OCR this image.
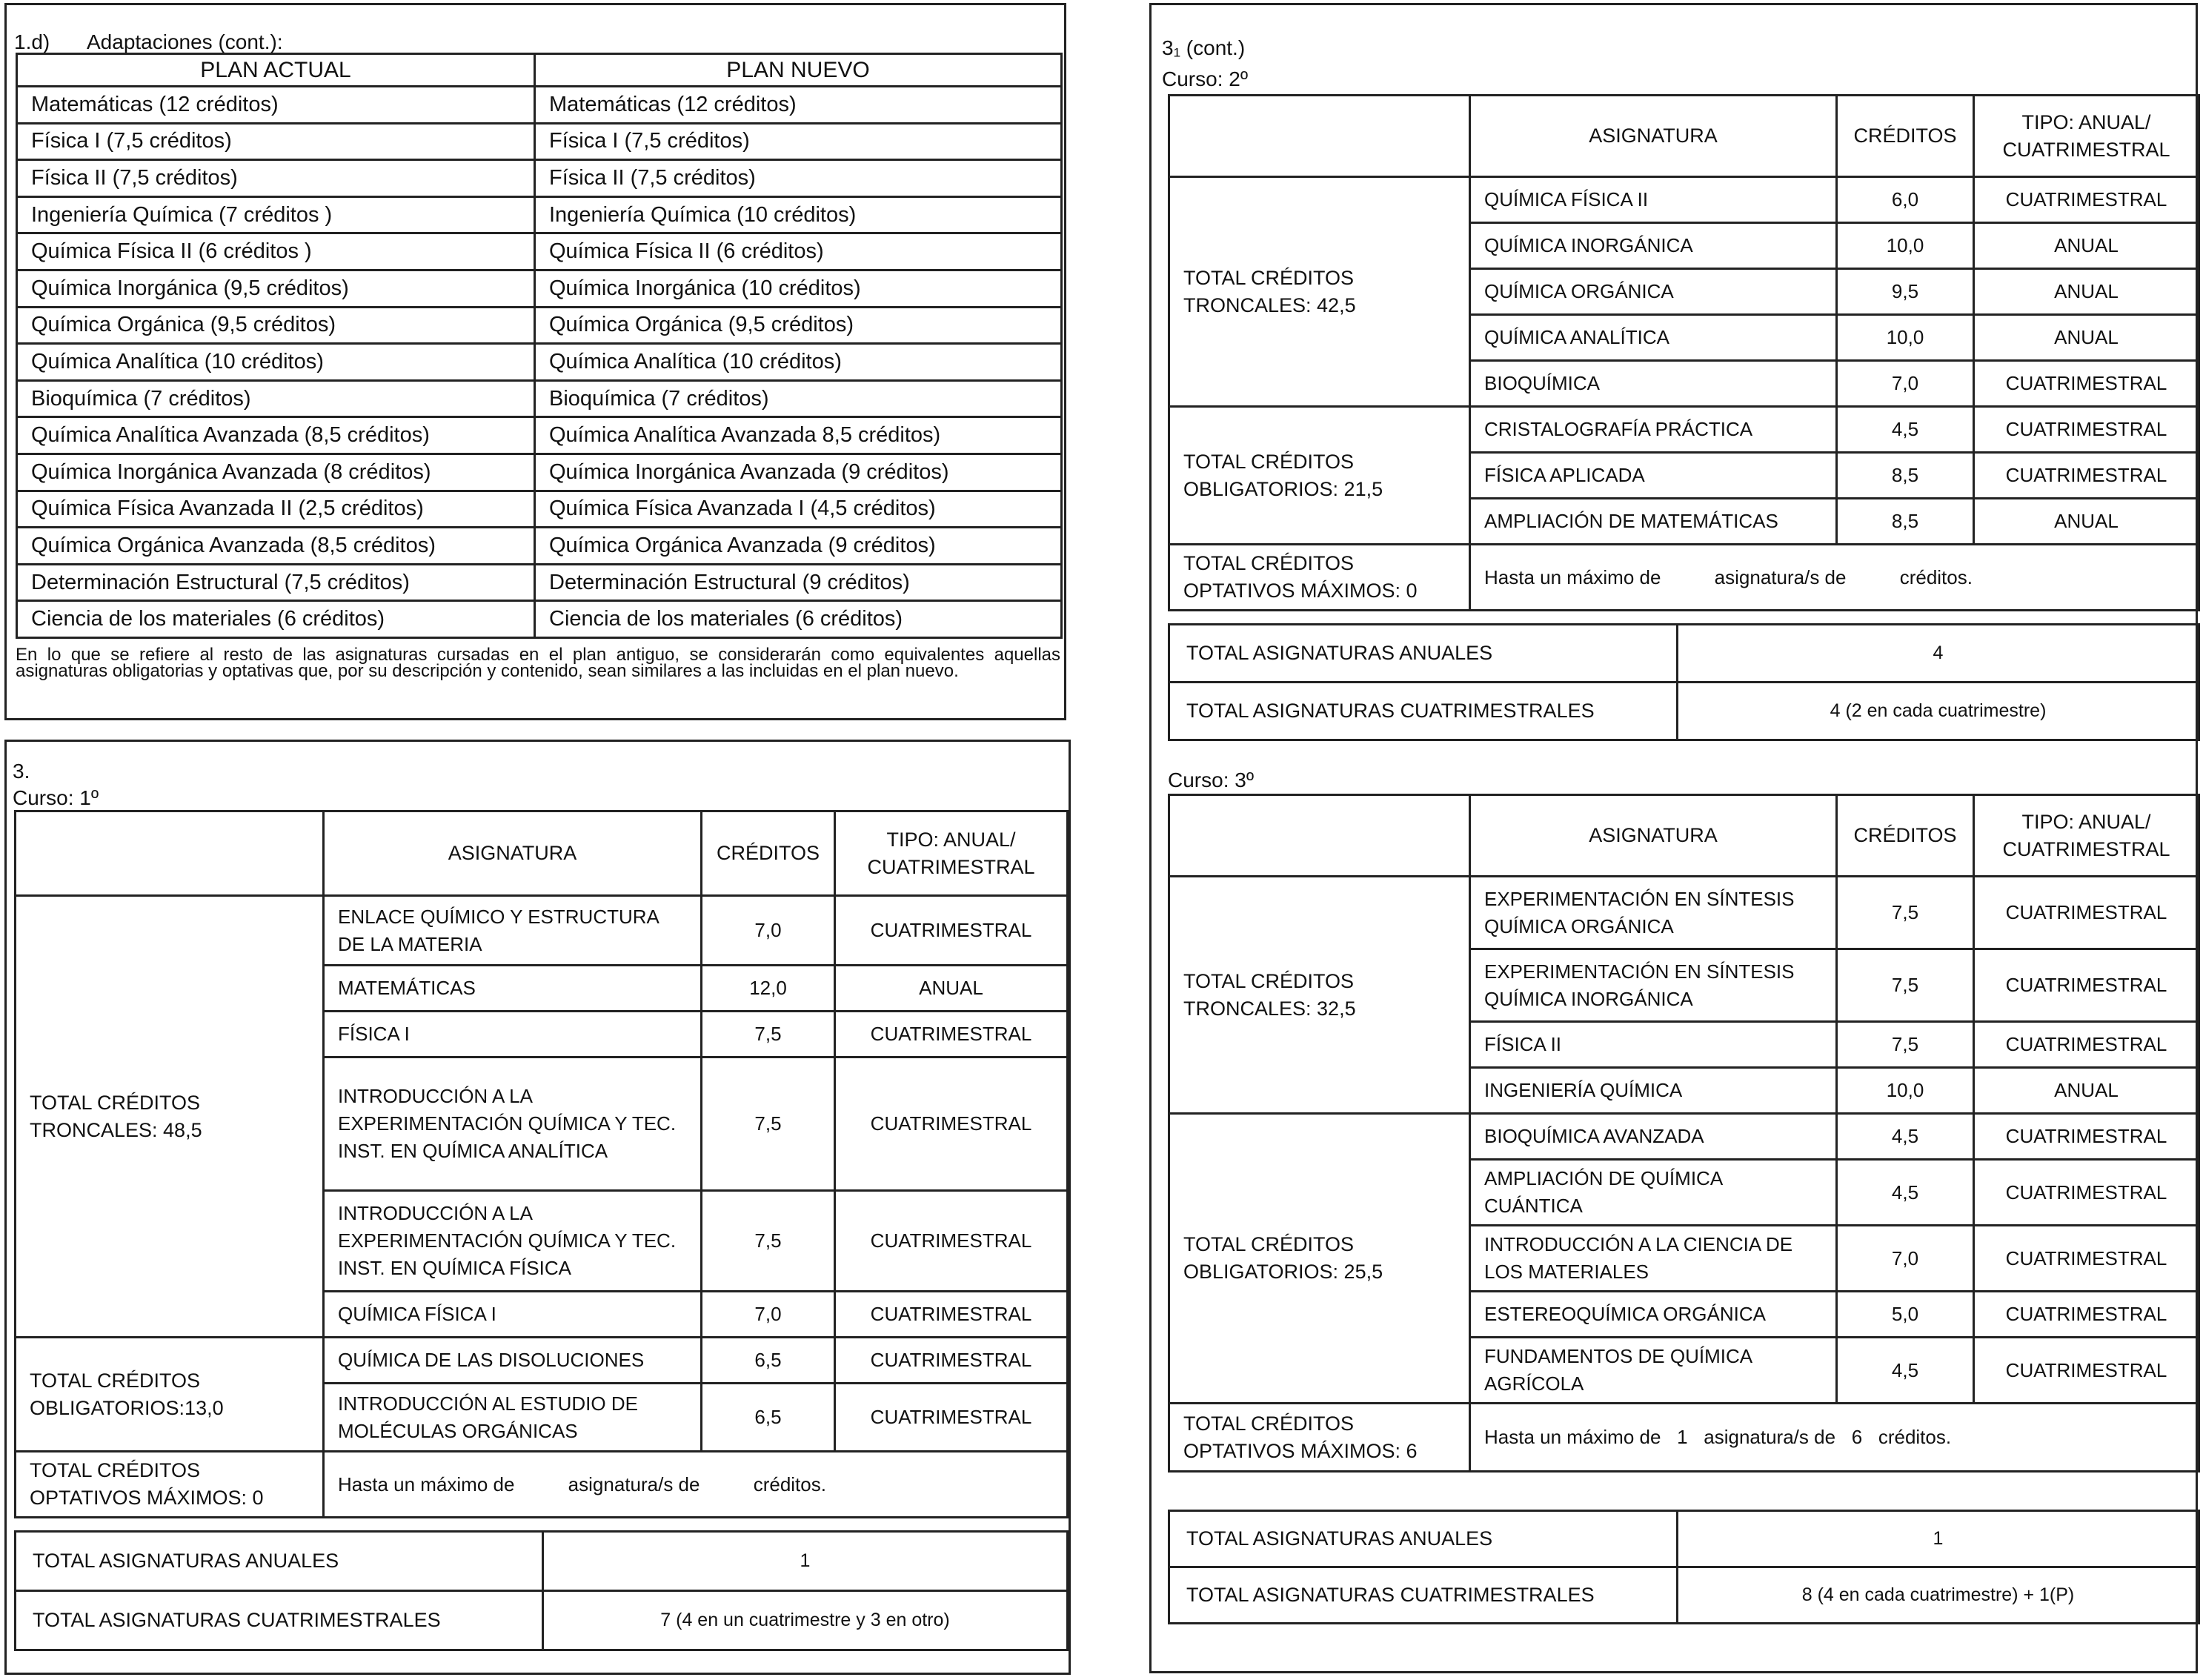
1.d) Adaptaciones (cont.):
PLAN ACTUAL	PLAN NUEVO
Matemáticas (12 créditos)	Matemáticas (12 créditos)
Física I (7,5 créditos)	Física I (7,5 créditos)
Física II (7,5 créditos)	Física II (7,5 créditos)
Ingeniería Química (7 créditos )	Ingeniería Química (10 créditos)
Química Física II (6 créditos )	Química Física II (6 créditos)
Química Inorgánica (9,5 créditos)	Química Inorgánica (10 créditos)
Química Orgánica (9,5 créditos)	Química Orgánica (9,5 créditos)
Química Analítica (10 créditos)	Química Analítica (10 créditos)
Bioquímica (7 créditos)	Bioquímica (7 créditos)
Química Analítica Avanzada (8,5 créditos)	Química Analítica Avanzada 8,5 créditos)
Química Inorgánica Avanzada (8 créditos)	Química Inorgánica Avanzada (9 créditos)
Química Física Avanzada II (2,5 créditos)	Química Física Avanzada I (4,5 créditos)
Química Orgánica Avanzada (8,5 créditos)	Química Orgánica Avanzada (9 créditos)
Determinación Estructural (7,5 créditos)	Determinación Estructural (9 créditos)
Ciencia de los materiales (6 créditos)	Ciencia de los materiales (6 créditos)
En lo que se refiere al resto de las asignaturas cursadas en el plan antiguo, se considerarán como equivalentes aquellas asignaturas obligatorias y optativas que, por su descripción y contenido, sean similares a las incluidas en el plan nuevo.
3.
Curso: 1º
	ASIGNATURA	CRÉDITOS	TIPO: ANUAL/ CUATRIMESTRAL
TOTAL CRÉDITOS TRONCALES: 48,5	ENLACE QUÍMICO Y ESTRUCTURA DE LA MATERIA	7,0	CUATRIMESTRAL
	MATEMÁTICAS	12,0	ANUAL
	FÍSICA I	7,5	CUATRIMESTRAL
	INTRODUCCIÓN A LA EXPERIMENTACIÓN QUÍMICA Y TEC. INST. EN QUÍMICA ANALÍTICA	7,5	CUATRIMESTRAL
	INTRODUCCIÓN A LA EXPERIMENTACIÓN QUÍMICA Y TEC. INST. EN QUÍMICA FÍSICA	7,5	CUATRIMESTRAL
	QUÍMICA FÍSICA I	7,0	CUATRIMESTRAL
TOTAL CRÉDITOS OBLIGATORIOS:13,0	QUÍMICA DE LAS DISOLUCIONES	6,5	CUATRIMESTRAL
	INTRODUCCIÓN AL ESTUDIO DE MOLÉCULAS ORGÁNICAS	6,5	CUATRIMESTRAL
TOTAL CRÉDITOS OPTATIVOS MÁXIMOS: 0	Hasta un máximo de          asignatura/s de          créditos.		
TOTAL ASIGNATURAS ANUALES	1
TOTAL ASIGNATURAS CUATRIMESTRALES	7 (4 en un cuatrimestre y 3 en otro)
3₁ (cont.)
Curso: 2º
	ASIGNATURA	CRÉDITOS	TIPO: ANUAL/ CUATRIMESTRAL
TOTAL CRÉDITOS TRONCALES: 42,5	QUÍMICA FÍSICA II	6,0	CUATRIMESTRAL
	QUÍMICA INORGÁNICA	10,0	ANUAL
	QUÍMICA ORGÁNICA	9,5	ANUAL
	QUÍMICA ANALÍTICA	10,0	ANUAL
	BIOQUÍMICA	7,0	CUATRIMESTRAL
TOTAL CRÉDITOS OBLIGATORIOS: 21,5	CRISTALOGRAFÍA PRÁCTICA	4,5	CUATRIMESTRAL
	FÍSICA APLICADA	8,5	CUATRIMESTRAL
	AMPLIACIÓN DE MATEMÁTICAS	8,5	ANUAL
TOTAL CRÉDITOS OPTATIVOS MÁXIMOS: 0	Hasta un máximo de          asignatura/s de          créditos.		
TOTAL ASIGNATURAS ANUALES	4
TOTAL ASIGNATURAS CUATRIMESTRALES	4 (2 en cada cuatrimestre)
Curso: 3º
	ASIGNATURA	CRÉDITOS	TIPO: ANUAL/ CUATRIMESTRAL
TOTAL CRÉDITOS TRONCALES: 32,5	EXPERIMENTACIÓN EN SÍNTESIS QUÍMICA ORGÁNICA	7,5	CUATRIMESTRAL
	EXPERIMENTACIÓN EN SÍNTESIS QUÍMICA INORGÁNICA	7,5	CUATRIMESTRAL
	FÍSICA II	7,5	CUATRIMESTRAL
	INGENIERÍA QUÍMICA	10,0	ANUAL
TOTAL CRÉDITOS OBLIGATORIOS: 25,5	BIOQUÍMICA AVANZADA	4,5	CUATRIMESTRAL
	AMPLIACIÓN DE QUÍMICA CUÁNTICA	4,5	CUATRIMESTRAL
	INTRODUCCIÓN A LA CIENCIA DE LOS MATERIALES	7,0	CUATRIMESTRAL
	ESTEREOQUÍMICA ORGÁNICA	5,0	CUATRIMESTRAL
	FUNDAMENTOS DE QUÍMICA AGRÍCOLA	4,5	CUATRIMESTRAL
TOTAL CRÉDITOS OPTATIVOS MÁXIMOS: 6	Hasta un máximo de   1   asignatura/s de   6   créditos.		
TOTAL ASIGNATURAS ANUALES	1
TOTAL ASIGNATURAS CUATRIMESTRALES	8 (4 en cada cuatrimestre) + 1(P)
